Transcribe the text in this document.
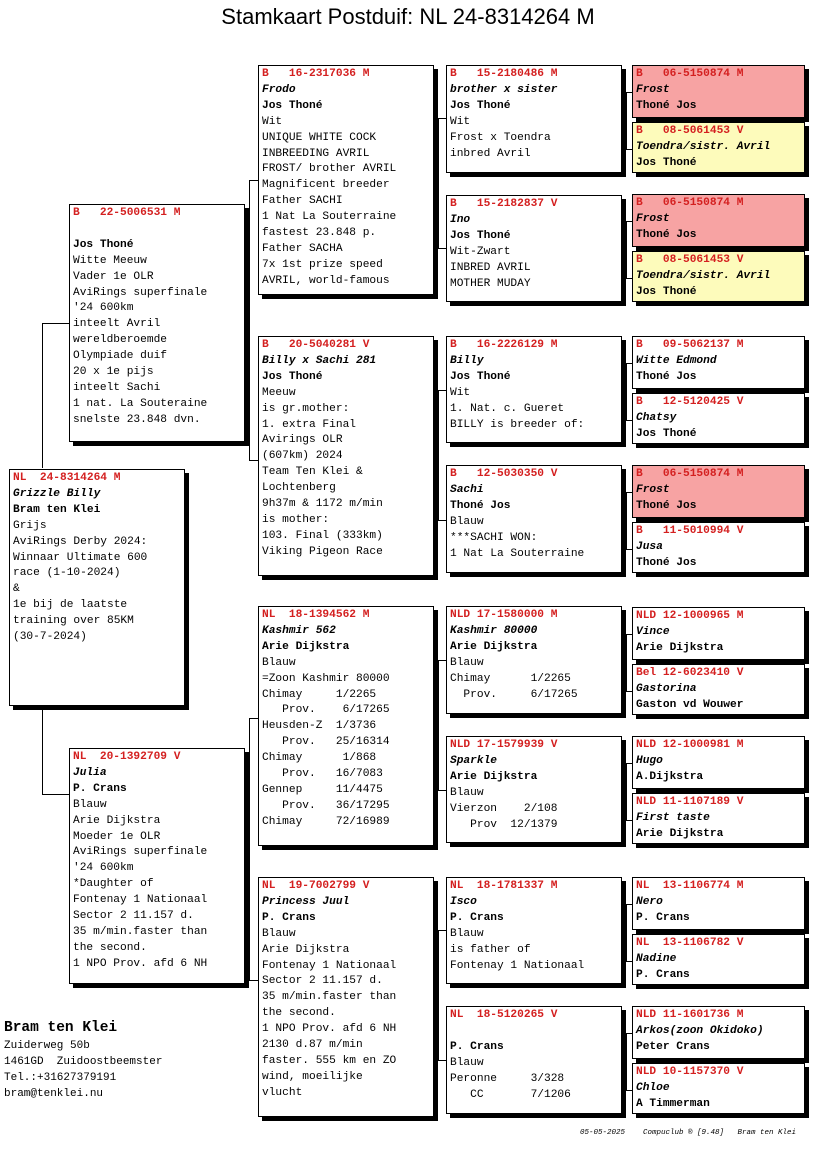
Stamkaart Postduif: NL 24-8314264 M
NL  24-8314264 M
Grizzle Billy
Bram ten Klei
Grijs
AviRings Derby 2024:
Winnaar Ultimate 600
race (1-10-2024)
&
1e bij de laatste
training over 85KM
(30-7-2024)
B   22-5006531 M
Jos Thoné
Witte Meeuw
Vader 1e OLR
AviRings superfinale
'24 600km
inteelt Avril
wereldberoemde
Olympiade duif
20 x 1e pijs
inteelt Sachi
1 nat. La Souteraine
snelste 23.848 dvn.
NL  20-1392709 V
Julia
P. Crans
Blauw
Arie Dijkstra
Moeder 1e OLR
AviRings superfinale
'24 600km
*Daughter of
Fontenay 1 Nationaal
Sector 2 11.157 d.
35 m/min.faster than
the second.
1 NPO Prov. afd 6 NH
B   16-2317036 M
Frodo
Jos Thoné
Wit
UNIQUE WHITE COCK
INBREEDING AVRIL
FROST/ brother AVRIL
Magnificent breeder
Father SACHI
1 Nat La Souterraine
fastest 23.848 p.
Father SACHA
7x 1st prize speed
AVRIL, world-famous
B   20-5040281 V
Billy x Sachi 281
Jos Thoné
Meeuw
is gr.mother:
1. extra Final
Avirings OLR
(607km) 2024
Team Ten Klei &
Lochtenberg
9h37m & 1172 m/min
is mother:
103. Final (333km)
Viking Pigeon Race
NL  18-1394562 M
Kashmir 562
Arie Dijkstra
Blauw
=Zoon Kashmir 80000
Chimay     1/2265
Prov.    6/17265
Heusden-Z  1/3736
Prov.   25/16314
Chimay      1/868
Prov.   16/7083
Gennep     11/4475
Prov.   36/17295
Chimay     72/16989
NL  19-7002799 V
Princess Juul
P. Crans
Blauw
Arie Dijkstra
Fontenay 1 Nationaal
Sector 2 11.157 d.
35 m/min.faster than
the second.
1 NPO Prov. afd 6 NH
2130 d.87 m/min
faster. 555 km en ZO
wind, moeilijke
vlucht
B   15-2180486 M
brother x sister
Jos Thoné
Wit
Frost x Toendra
inbred Avril
B   15-2182837 V
Ino
Jos Thoné
Wit-Zwart
INBRED AVRIL
MOTHER MUDAY
B   16-2226129 M
Billy
Jos Thoné
Wit
1. Nat. c. Gueret
BILLY is breeder of:
B   12-5030350 V
Sachi
Thoné Jos
Blauw
***SACHI WON:
1 Nat La Souterraine
NLD 17-1580000 M
Kashmir 80000
Arie Dijkstra
Blauw
Chimay      1/2265
Prov.     6/17265
NLD 17-1579939 V
Sparkle
Arie Dijkstra
Blauw
Vierzon    2/108
Prov  12/1379
NL  18-1781337 M
Isco
P. Crans
Blauw
is father of
Fontenay 1 Nationaal
NL  18-5120265 V
P. Crans
Blauw
Peronne     3/328
CC       7/1206
B   06-5150874 M
Frost
Thoné Jos
B   08-5061453 V
Toendra/sistr. Avril
Jos Thoné
B   06-5150874 M
Frost
Thoné Jos
B   08-5061453 V
Toendra/sistr. Avril
Jos Thoné
B   09-5062137 M
Witte Edmond
Thoné Jos
B   12-5120425 V
Chatsy
Jos Thoné
B   06-5150874 M
Frost
Thoné Jos
B   11-5010994 V
Jusa
Thoné Jos
NLD 12-1000965 M
Vince
Arie Dijkstra
Bel 12-6023410 V
Gastorina
Gaston vd Wouwer
NLD 12-1000981 M
Hugo
A.Dijkstra
NLD 11-1107189 V
First taste
Arie Dijkstra
NL  13-1106774 M
Nero
P. Crans
NL  13-1106782 V
Nadine
P. Crans
NLD 11-1601736 M
Arkos(zoon Okidoko)
Peter Crans
NLD 10-1157370 V
Chloe
A Timmerman
Bram ten Klei
Zuiderweg 50b
1461GD  Zuidoostbeemster
Tel.:+31627379191
bram@tenklei.nu
05-05-2025    Compuclub ® [9.48]   Bram ten Klei
